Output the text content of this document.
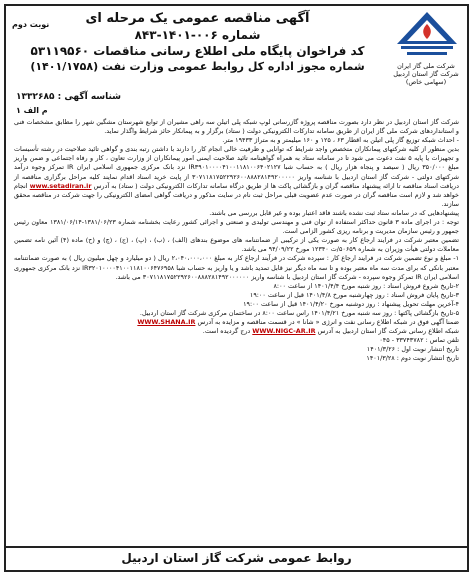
شرکت ملی گاز ایران
شرکت گاز استان اردبیل
(سهامی خاص)
آگهی مناقصه عمومی یک مرحله ای
شماره ۰۰۶-۱۴۰۱-۸۴۳
کد فراخوان پایگاه ملی اطلاع رسانی مناقصات ۵۳۱۱۹۵۶۰
شماره مجوز اداره کل روابط عمومی وزارت نفت (۱۴۰۱/۱۷۵۸)
نوبت دوم
شناسه آگهی : ۱۳۳۲۶۸۵
م الف ۱

شرکت گاز استان اردبیل در نظر دارد بصورت مناقصه پروژه گازرسانی لوپ شبکه پلی اتیلن سه راهی مشیران از توابع شهرستان مشگین شهر را مطابق مشخصات فنی و استانداردهای شرکت ملی گاز ایران از طریق سامانه تدارکات الکترونیکی دولت ( ستاد) برگزار و به پیمانکار حائز شرایط واگذار نماید.

- احداث شبکه توزیع گاز پلی اتیلن به اقطار ۶۳ ، ۱۲۵ و ۱۶۰ میلیمتر و به متراژ ۱۹۴۳۳ متر.

بدین منظور از کلیه شرکتهای پیمانکاران متخصص واجد شرایط که توانایی و ظرفیت خالی انجام کار را دارند با داشتن رتبه بندی و گواهی تائید صلاحیت در رشته تأسیسات و تجهیزات یا پایه ۵ نفت دعوت می شود تا در سامانه ستاد به همراه گواهینامه تائید صلاحیت ایمنی امور پیمانکاران از وزارت تعاون ، کار و رفاه اجتماعی و ضمن واریز مبلغ ۳۵۰/۰۰۰ ریال ( سیصد و پنجاه هزار ریال ) به حساب شبا IR۳۹۰۱۰۰۰۰۴۱۰۰۱۱۸۱۰۰۶۴۰۲۱۲۷ نزد بانک مرکزی جمهوری اسلامی ایران IR تمرکز وجوه درآمد شرکتهای دولتی - شرکت گاز استان اردبیل با شناسه واریز ۳۰۷۱۱۸۱۷۵۲۲۹۲۶۰۰۸۸۸۲۸۱۴۹۲۰۰۰۰۰ از پایت خرید اسناد اقدام نمایند کلیه مراحل برگزاری مناقصه از دریافت اسناد مناقصه تا ارائه پیشنهاد مناقصه گران و بازگشائی پاکت ها از طریق درگاه سامانه تدارکات الکترونیکی دولت ( ستاد) به آدرس www.setadiran.ir انجام خواهد شد و لازم است مناقصه گران در صورت عدم عضویت قبلی مراحل ثبت نام در سایت مذکور و دریافت گواهی امضای الکترونیکی را جهت شرکت در مناقصه محقق سازند.

پیشنهادهایی که در سامانه ستاد ثبت نشده باشند فاقد اعتبار بوده و غیر قابل بررسی می باشند.

توجه : در اجرای ماده ۳ قانون حداکثر استفاده از توان فنی و مهندسی تولیدی و صنعتی و اجرائی کشور رعایت بخشنامه شماره ۱۳۸۱/۰۶/۲۳-۱۳۸۱/۰۶/۱۴ معاون رئیس جمهور و رئیس سازمان مدیریت و برنامه ریزی کشور الزامی است.

تضمین معتبر شرکت در فرایند ارجاع کار به صورت یکی از ترکیبی از ضمانتنامه های موضوع بندهای (الف) ، (ب) ، (پ) ، (ج) ، (چ) و (ح) ماده (۴) آئین نامه تضمین معاملات دولتی هیأت وزیران به شماره ۵۰۶۵۹/ت ۱۲۳۴۰ مورخ ۹۴/۰۹/۲۲ می باشد.

۱- مبلغ و نوع تضمین شرکت در فرایند ارجاع کار : سپرده شرکت در فرآیند ارجاع کار به مبلغ ۲،۰۴۰،۰۰۰،۰۰۰ ریال ( دو میلیارد و چهل میلیون ریال ) به صورت ضمانتنامه معتبر بانکی که برای مدت سه ماه معتبر بوده و تا سه ماه دیگر نیز قابل تمدید باشد و یا واریز به حساب شبا IR۳۲۰۱۰۰۰۰۴۱۰۰۱۱۸۱۰۰۶۴۷۶۹۵۸ نزد بانک مرکزی جمهوری اسلامی ایران IR تمرکز وجوه سپرده - شرکت گاز استان اردبیل با شناسه واریز ۳۰۷۱۱۸۱۷۵۲۲۹۲۶۰۰۸۸۸۲۸۱۴۹۲۰۰۰۰۰۰ می باشد.

۲-تاریخ شروع فروش اسناد : روز شنبه مورخ ۱۴۰۱/۴/۴ از ساعت ۸:۰۰
۳-تاریخ پایان فروش اسناد : روز چهارشنبه مورخ ۱۴۰۱/۴/۸ قبل از ساعت ۱۹:۰۰
۴-آخرین مهلت تحویل پیشنهاد : روز دوشنبه مورخ ۱۴۰۱/۴/۲۰ قبل از ساعت ۱۹:۰۰
۵-تاریخ بازگشائی پاکتها : روز سه شنبه مورخ ۱۴۰۱/۴/۲۱ راس ساعت ۸:۰۰ در ساختمان مرکزی شرکت گاز استان اردبیل.
ضمنا آگهی فوق در شبکه اطلاع رسانی نفت و انرژی « شانا » در قسمت مناقصه و مزایده به آدرس WWW.SHANA.IR
شبکه اطلاع رسانی شرکت گاز استان اردبیل به آدرس WWW.NIGC-AR.IR درج گردیده است.
تلفن تماس : ۳۳۷۴۳۷۸۲ - ۰۴۵
تاریخ انتشار نوبت اول : ۱۴۰۱/۳/۲۶
تاریخ انتشار نوبت دوم : ۱۴۰۱/۳/۲۸
روابط عمومی شرکت گاز استان اردبیل
